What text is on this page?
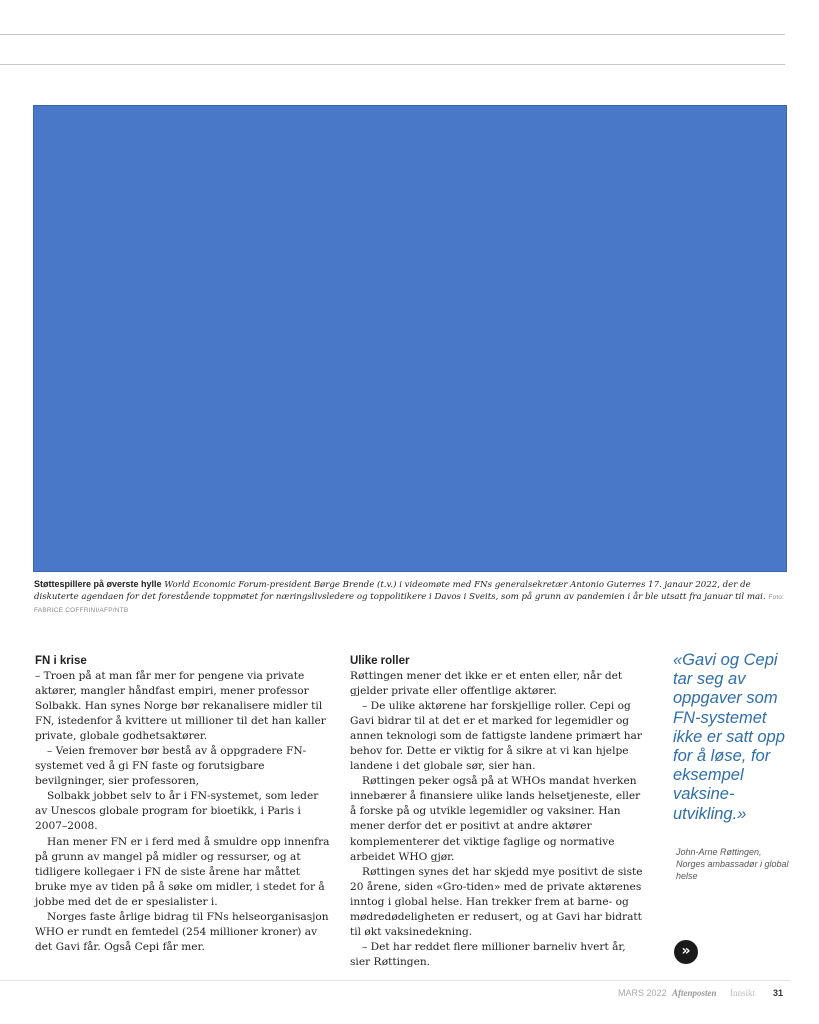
Støttespillere på øverste hylle World Economic Forum-president Børge Brende (t.v.) i videomøte med FNs generalsekretær Antonio Guterres 17. janaur 2022, der de diskuterte agendaen for det forestående toppmøtet for næringslivsledere og toppolitikere i Davos i Sveits, som på grunn av pandemien i år ble utsatt fra januar til mai. Foto: FABRICE COFFRINI/AFP/NTB
FN i krise

– Troen på at man får mer for pengene via private aktører, mangler håndfast empiri, mener professor Solbakk. Han synes Norge bør rekanalisere midler til FN, istedenfor å kvittere ut millioner til det han kaller private, globale godhetsaktører.

– Veien fremover bør bestå av å oppgradere FN-systemet ved å gi FN faste og forutsigbare bevilgninger, sier professoren,

Solbakk jobbet selv to år i FN-systemet, som leder av Unescos globale program for bioetikk, i Paris i 2007–2008.

Han mener FN er i ferd med å smuldre opp innenfra på grunn av mangel på midler og ressurser, og at tidligere kollegaer i FN de siste årene har måttet bruke mye av tiden på å søke om midler, i stedet for å jobbe med det de er spesialister i.

Norges faste årlige bidrag til FNs helseorganisasjon WHO er rundt en femtedel (254 millioner kroner) av det Gavi får. Også Cepi får mer.

Ulike roller

Røttingen mener det ikke er et enten eller, når det gjelder private eller offentlige aktører.

– De ulike aktørene har forskjellige roller. Cepi og Gavi bidrar til at det er et marked for legemidler og annen teknologi som de fattigste landene primært har behov for. Dette er viktig for å sikre at vi kan hjelpe landene i det globale sør, sier han.

Røttingen peker også på at WHOs mandat hverken innebærer å finansiere ulike lands helsetjeneste, eller å forske på og utvikle legemidler og vaksiner. Han mener derfor det er positivt at andre aktører komplementerer det viktige faglige og normative arbeidet WHO gjør.

Røttingen synes det har skjedd mye positivt de siste 20 årene, siden «Gro-tiden» med de private aktørenes inntog i global helse. Han trekker frem at barne- og mødredødeligheten er redusert, og at Gavi har bidratt til økt vaksinedekning.

– Det har reddet flere millioner barneliv hvert år, sier Røttingen.

«Gavi og Cepi tar seg av oppgaver som FN-systemet ikke er satt opp for å løse, for eksempel vaksine-utvikling.»
John-Arne Røttingen, Norges ambassadør i global helse
»
MARS 2022 Aftenposten Innsikt 31
